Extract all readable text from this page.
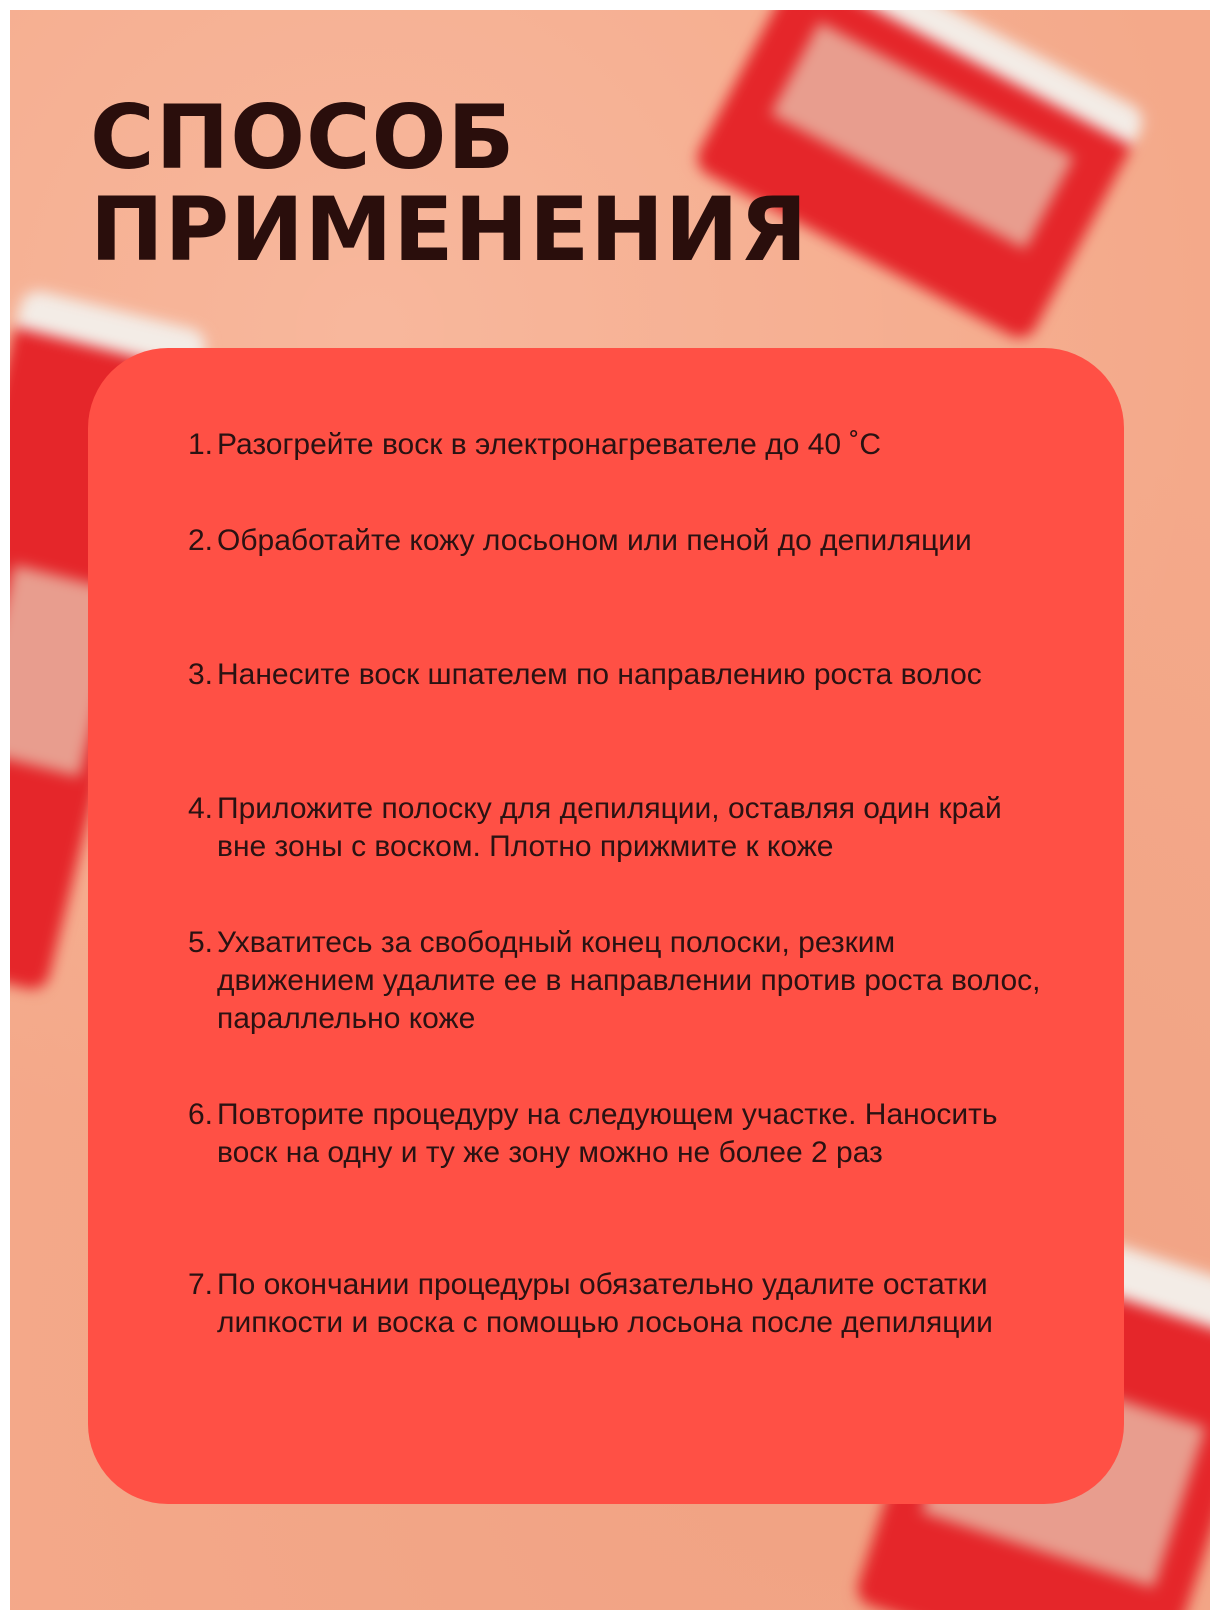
СПОСОБ
ПРИМЕНЕНИЯ
1. Разогрейте воск в электронагревателе до 40 ˚С
2. Обработайте кожу лосьоном или пеной до депиляции
3. Нанесите воск шпателем по направлению роста волос
4. Приложите полоску для депиляции, оставляя один край вне зоны с воском. Плотно прижмите к коже
5. Ухватитесь за свободный конец полоски, резким движением удалите ее в направлении против роста волос, параллельно коже
6. Повторите процедуру на следующем участке. Наносить воск на одну и ту же зону можно не более 2 раз
7. По окончании процедуры обязательно удалите остатки липкости и воска с помощью лосьона после депиляции
